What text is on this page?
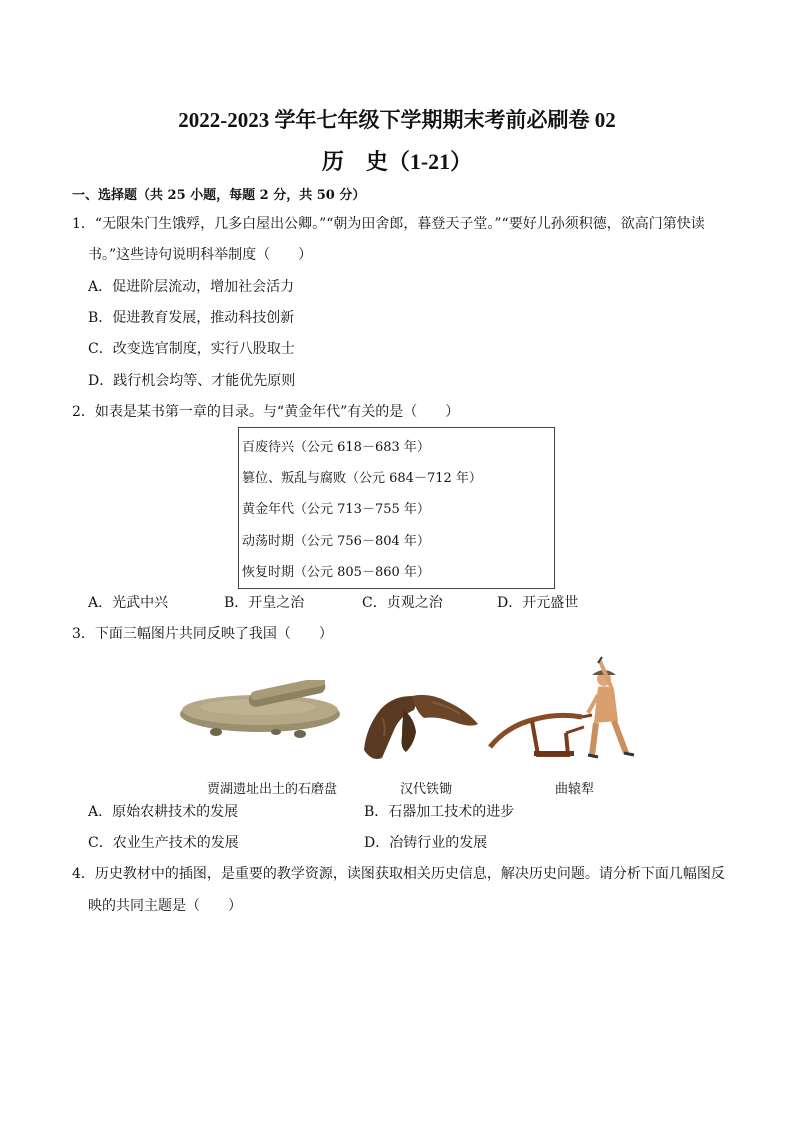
2022-2023 学年七年级下学期期末考前必刷卷 02
历　史（1-21）
一、选择题（共 25 小题，每题 2 分，共 50 分）
1．“无限朱门生饿殍，几多白屋出公卿。”“朝为田舍郎，暮登天子堂。”“要好儿孙须积德，欲高门第快读
书。”这些诗句说明科举制度（　　）
A．促进阶层流动，增加社会活力
B．促进教育发展，推动科技创新
C．改变选官制度，实行八股取士
D．践行机会均等、才能优先原则
2．如表是某书第一章的目录。与“黄金年代”有关的是（　　）
百废待兴（公元 618－683 年）
篡位、叛乱与腐败（公元 684－712 年）
黄金年代（公元 713－755 年）
动荡时期（公元 756－804 年）
恢复时期（公元 805－860 年）
A．光武中兴	B．开皇之治	C．贞观之治	D．开元盛世
3．下面三幅图片共同反映了我国（　　）
贾湖遗址出土的石磨盘	汉代铁锄	曲辕犁
A．原始农耕技术的发展	B．石器加工技术的进步
C．农业生产技术的发展	D．冶铸行业的发展
4．历史教材中的插图，是重要的教学资源，读图获取相关历史信息，解决历史问题。请分析下面几幅图反
映的共同主题是（　　）
